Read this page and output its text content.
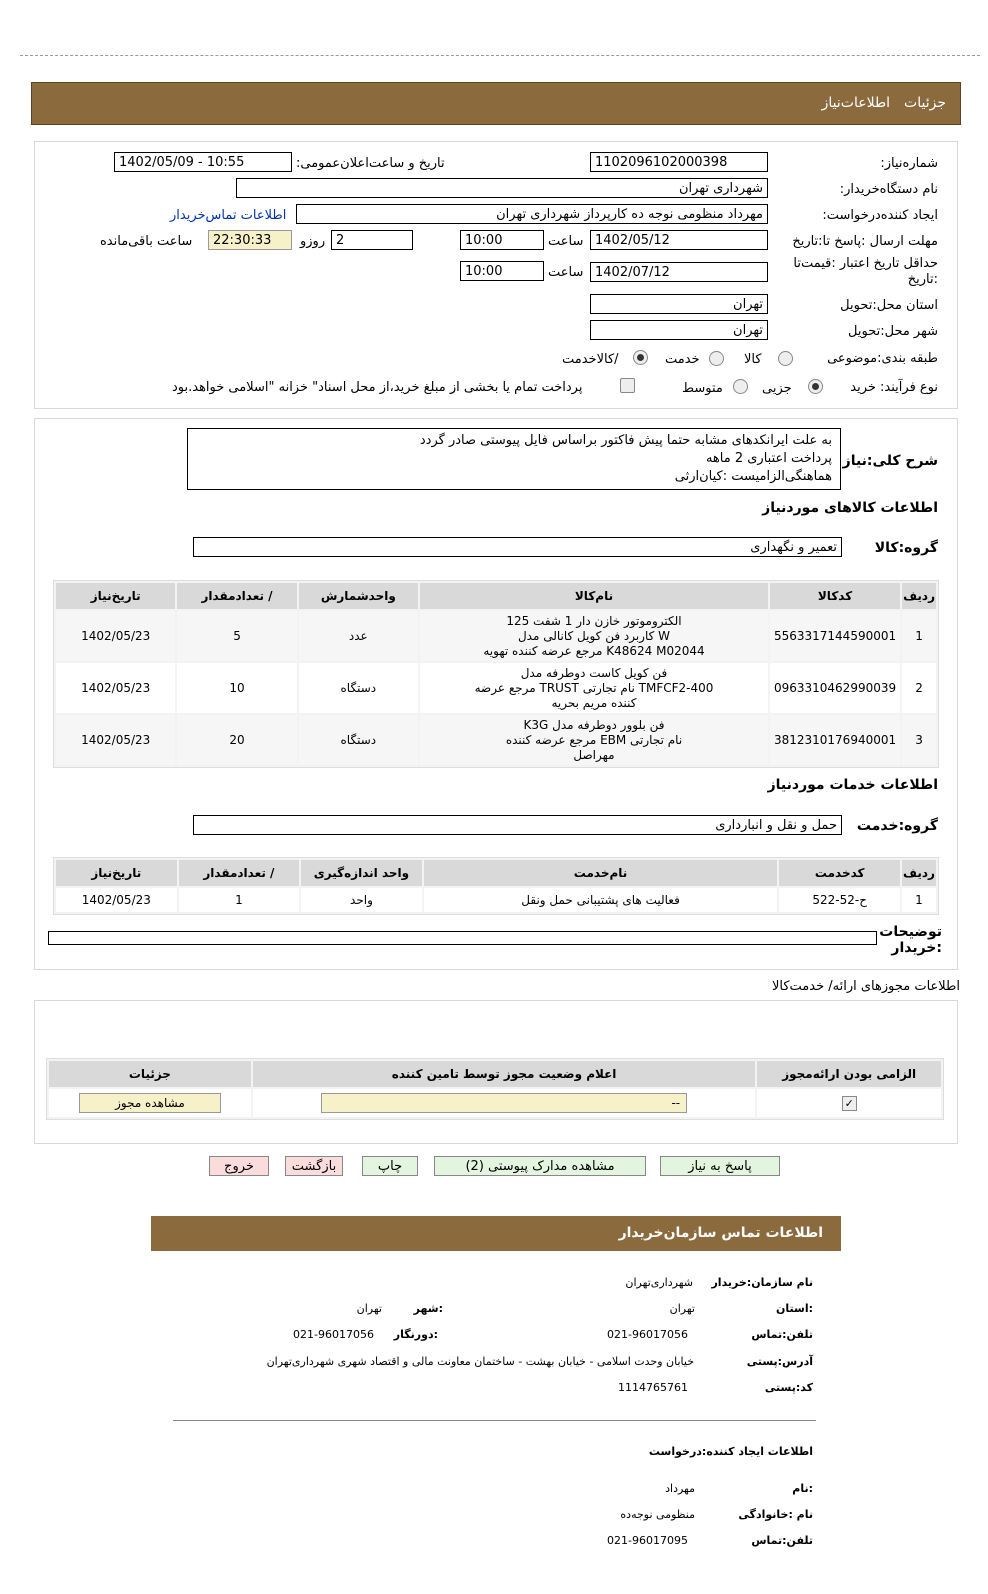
جزئیات
اطلاعات‌نیاز
شماره‌نیاز:
1102096102000398
تاریخ و ساعت‌اعلان‌عمومی:
1402/05/09 - 10:55
نام دستگاه‌خریدار:
شهرداری تهران
ایجاد کننده‌درخواست:
مهرداد منظومی نوجه ده کارپرداز شهرداری تهران
اطلاعات تماس‌خریدار
مهلت ارسال :پاسخ تا:تاریخ
1402/05/12
ساعت
10:00
2
روزو
22:30:33
ساعت باقی‌مانده
حداقل تاریخ اعتبار :قیمت‌تا :تاریخ
1402/07/12
ساعت
10:00
استان محل:تحویل
تهران
شهر محل:تحویل
تهران
طبقه بندی:موضوعی
کالا
خدمت
/کالاخدمت
نوع فرآیند: خرید
جزیی
متوسط
پرداخت تمام یا بخشی از مبلغ خرید،از محل اسناد" خزانه "اسلامی خواهد.بود
شرح کلی:نیاز
به علت ایرانکدهای مشابه حتما پیش فاکتور براساس فایل پیوستی صادر گردد
پرداخت اعتباری 2 ماهه
هماهنگی‌الزامیست :کیان‌ارثی
اطلاعات کالاهای موردنیاز
گروه:کالا
تعمیر و نگهداری
ردیف	کدکالا	نام‌کالا	واحدشمارش	/ تعدادمقدار	تاریخ‌نیاز
1	5563317144590001	الکتروموتور خازن دار 1 شفت 125
W کاربرد فن کویل کانالی مدل
K48624 M02044 مرجع عرضه کننده تهویه	عدد	5	1402/05/23
2	0963310462990039	فن کویل کاست دوطرفه مدل
TMFCF2-400 نام تجارتی TRUST مرجع عرضه
کننده مریم بحریه	دستگاه	10	1402/05/23
3	3812310176940001	فن بلوور دوطرفه مدل K3G
نام تجارتی EBM مرجع عرضه کننده
مهراصل	دستگاه	20	1402/05/23
اطلاعات خدمات موردنیاز
گروه:خدمت
حمل و نقل و انبارداری
ردیف	کدخدمت	نام‌خدمت	واحد اندازه‌گیری	/ تعدادمقدار	تاریخ‌نیاز
1	ح-52-522	فعالیت های پشتیبانی حمل ونقل	واحد	1	1402/05/23
توضیحات :خریدار
اطلاعات مجوزهای ارائه/ خدمت‌کالا
الزامی بودن ارائه‌مجوز	اعلام وضعیت مجوز توسط تامین کننده	جزئیات
✓	--	مشاهده مجوز
پاسخ به نیاز
مشاهده مدارک پیوستی (2)
چاپ
بازگشت
خروج
اطلاعات تماس سازمان‌خریدار
نام سازمان:خریدار
شهرداری‌تهران
:استان
تهران
:شهر
تهران
تلفن:تماس
021-96017056
:دورنگار
021-96017056
آدرس:پستی
خیابان وحدت اسلامی - خیابان بهشت - ساختمان معاونت مالی و اقتصاد شهری شهرداری‌تهران
کد:پستی
1114765761
اطلاعات ایجاد کننده:درخواست
:نام
مهرداد
نام :خانوادگی
منظومی نوجه‌ده
تلفن:تماس
021-96017095
